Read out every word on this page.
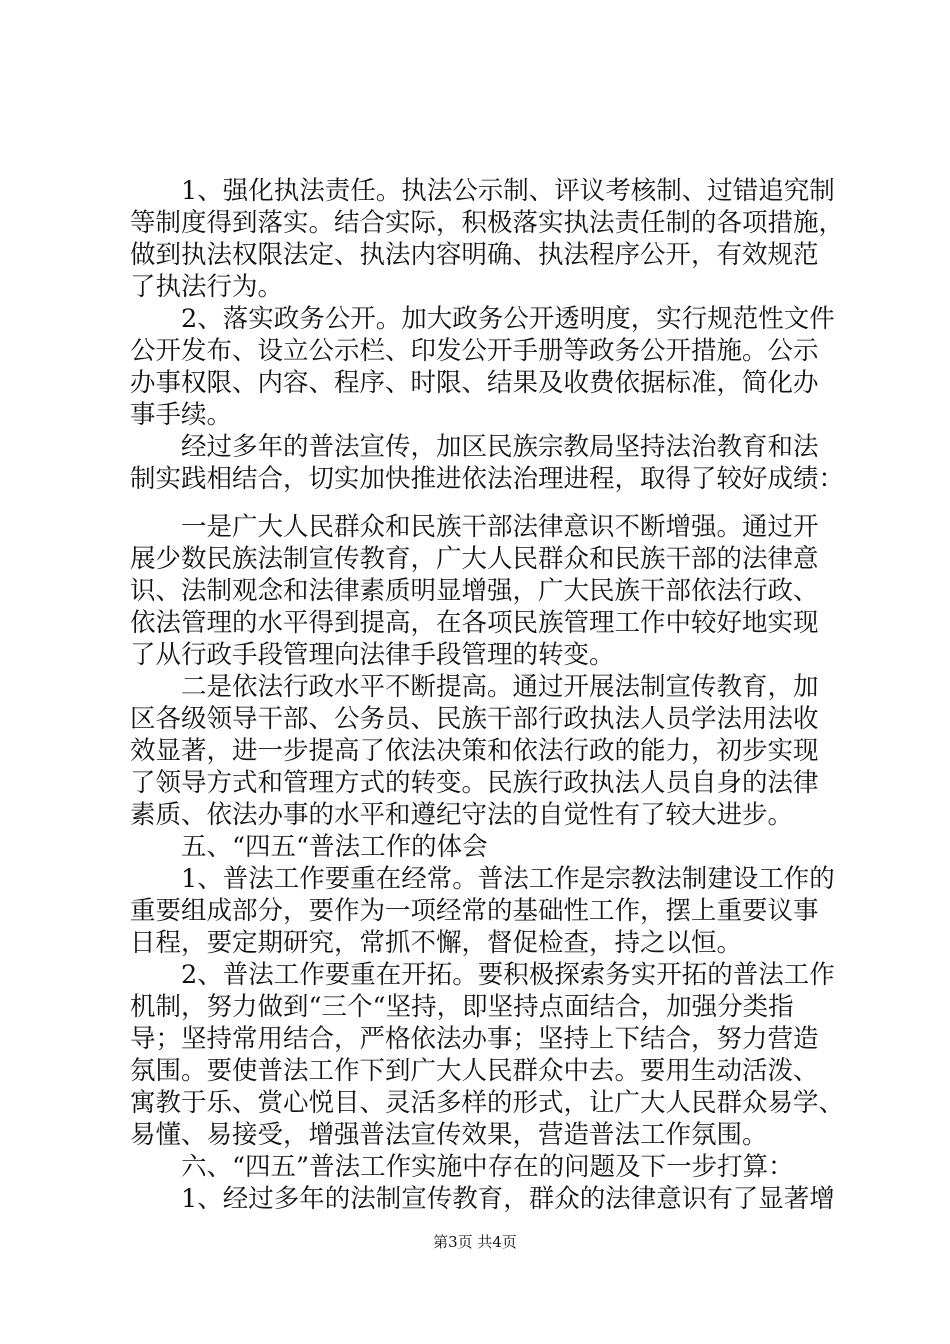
　　1、强化执法责任。执法公示制、评议考核制、过错追究制
等制度得到落实。结合实际，积极落实执法责任制的各项措施，
做到执法权限法定、执法内容明确、执法程序公开，有效规范
了执法行为。
　　2、落实政务公开。加大政务公开透明度，实行规范性文件
公开发布、设立公示栏、印发公开手册等政务公开措施。公示
办事权限、内容、程序、时限、结果及收费依据标准，简化办
事手续。
　　经过多年的普法宣传，加区民族宗教局坚持法治教育和法
制实践相结合，切实加快推进依法治理进程，取得了较好成绩：
　　一是广大人民群众和民族干部法律意识不断增强。通过开
展少数民族法制宣传教育，广大人民群众和民族干部的法律意
识、法制观念和法律素质明显增强，广大民族干部依法行政、
依法管理的水平得到提高，在各项民族管理工作中较好地实现
了从行政手段管理向法律手段管理的转变。
　　二是依法行政水平不断提高。通过开展法制宣传教育，加
区各级领导干部、公务员、民族干部行政执法人员学法用法收
效显著，进一步提高了依法决策和依法行政的能力，初步实现
了领导方式和管理方式的转变。民族行政执法人员自身的法律
素质、依法办事的水平和遵纪守法的自觉性有了较大进步。
　　五、“四五“普法工作的体会
　　1、普法工作要重在经常。普法工作是宗教法制建设工作的
重要组成部分，要作为一项经常的基础性工作，摆上重要议事
日程，要定期研究，常抓不懈，督促检查，持之以恒。
　　2、普法工作要重在开拓。要积极探索务实开拓的普法工作
机制，努力做到“三个“坚持，即坚持点面结合，加强分类指
导；坚持常用结合，严格依法办事；坚持上下结合，努力营造
氛围。要使普法工作下到广大人民群众中去。要用生动活泼、
寓教于乐、赏心悦目、灵活多样的形式，让广大人民群众易学、
易懂、易接受，增强普法宣传效果，营造普法工作氛围。
　　六、“四五”普法工作实施中存在的问题及下一步打算：
　　1、经过多年的法制宣传教育，群众的法律意识有了显著增
第3页 共4页
